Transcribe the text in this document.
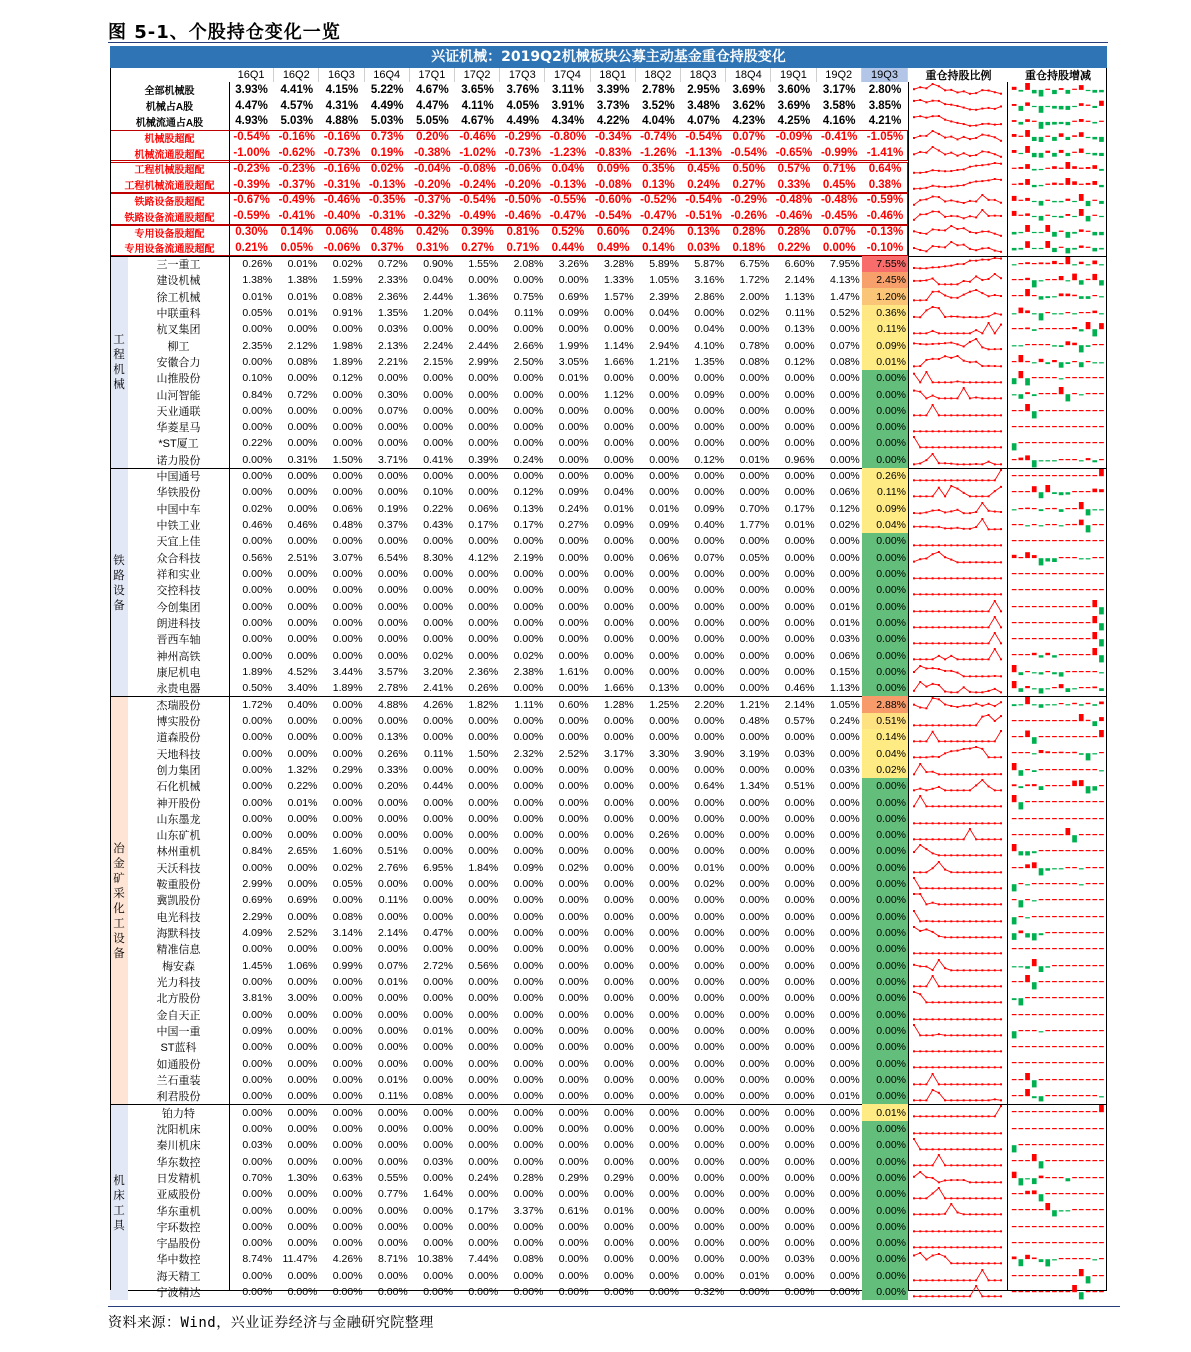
图 5-1、个股持仓变化一览
兴证机械：2019Q2机械板块公募主动基金重仓持股变化
16Q1	16Q2	16Q3	16Q4	17Q1	17Q2	17Q3	17Q4	18Q1	18Q2	18Q3	18Q4	19Q1	19Q2	19Q3	重仓持股比例	重仓持股增减
全部机械股	3.93%	4.41%	4.15%	5.22%	4.67%	3.65%	3.76%	3.11%	3.39%	2.78%	2.95%	3.69%	3.60%	3.17%	2.80%
机械占A股	4.47%	4.57%	4.31%	4.49%	4.47%	4.11%	4.05%	3.91%	3.73%	3.52%	3.48%	3.62%	3.69%	3.58%	3.85%
机械流通占A股	4.93%	5.03%	4.88%	5.03%	5.05%	4.67%	4.49%	4.34%	4.22%	4.04%	4.07%	4.23%	4.25%	4.16%	4.21%
机械股超配	-0.54% -0.16% -0.16% 0.73%	0.20% -0.46% -0.29% -0.80% -0.34% -0.74% -0.54% 0.07% -0.09% -0.41% -1.05%
机械流通股超配	-1.00% -0.62% -0.73% 0.19% -0.38% -1.02% -0.73% -1.23% -0.83% -1.26% -1.13% -0.54% -0.65% -0.99% -1.41%
工程机械股超配	-0.23% -0.23% -0.16% 0.02% -0.04% -0.08% -0.06% 0.04%	0.09%	0.35%	0.45%	0.50%	0.57%	0.71%	0.64%
工程机械流通股超配	-0.39% -0.37% -0.31% -0.13% -0.20% -0.24% -0.20% -0.13% -0.08% 0.13%	0.24%	0.27%	0.33%	0.45%	0.38%
铁路设备股超配	-0.67% -0.49% -0.46% -0.35% -0.37% -0.54% -0.50% -0.55% -0.60% -0.52% -0.54% -0.29% -0.48% -0.48% -0.59%
铁路设备流通股超配	-0.59% -0.41% -0.40% -0.31% -0.32% -0.49% -0.46% -0.47% -0.54% -0.47% -0.51% -0.26% -0.46% -0.45% -0.46%
专用设备股超配	0.30%	0.14%	0.06%	0.48%	0.42%	0.39%	0.81%	0.52%	0.60%	0.24%	0.13%	0.28%	0.28%	0.07% -0.13%
专用设备流通股超配	0.21%	0.05% -0.06% 0.37%	0.31%	0.27%	0.71%	0.44%	0.49%	0.14%	0.03%	0.18%	0.22%	0.00% -0.10%
工程机械
三一重工	0.26%	0.01%	0.02%	0.72%	0.90%	1.55%	2.08%	3.26%	3.28%	5.89%	5.87%	6.75%	6.60%	7.95%	7.55%
建设机械	1.38%	1.38%	1.59%	2.33%	0.04%	0.00%	0.00%	0.00%	1.33%	1.05%	3.16%	1.72%	2.14%	4.13%	2.45%
徐工机械	0.01%	0.01%	0.08%	2.36%	2.44%	1.36%	0.75%	0.69%	1.57%	2.39%	2.86%	2.00%	1.13%	1.47%	1.20%
中联重科	0.05%	0.01%	0.91%	1.35%	1.20%	0.04%	0.11%	0.09%	0.00%	0.04%	0.00%	0.02%	0.11%	0.52%	0.36%
杭叉集团	0.00%	0.00%	0.00%	0.03%	0.00%	0.00%	0.00%	0.00%	0.00%	0.00%	0.04%	0.00%	0.13%	0.00%	0.11%
柳工	2.35%	2.12%	1.98%	2.13%	2.24%	2.44%	2.66%	1.99%	1.14%	2.94%	4.10%	0.78%	0.00%	0.07%	0.09%
安徽合力	0.00%	0.08%	1.89%	2.21%	2.15%	2.99%	2.50%	3.05%	1.66%	1.21%	1.35%	0.08%	0.12%	0.08%	0.01%
山推股份	0.10%	0.00%	0.12%	0.00%	0.00%	0.00%	0.00%	0.01%	0.00%	0.00%	0.00%	0.00%	0.00%	0.00%	0.00%
山河智能	0.84%	0.72%	0.00%	0.30%	0.00%	0.00%	0.00%	0.00%	1.12%	0.00%	0.09%	0.00%	0.00%	0.00%	0.00%
天业通联	0.00%	0.00%	0.00%	0.07%	0.00%	0.00%	0.00%	0.00%	0.00%	0.00%	0.00%	0.00%	0.00%	0.00%	0.00%
华菱星马	0.00%	0.00%	0.00%	0.00%	0.00%	0.00%	0.00%	0.00%	0.00%	0.00%	0.00%	0.00%	0.00%	0.00%	0.00%
*ST厦工	0.22%	0.00%	0.00%	0.00%	0.00%	0.00%	0.00%	0.00%	0.00%	0.00%	0.00%	0.00%	0.00%	0.00%	0.00%
诺力股份	0.00%	0.31%	1.50%	3.71%	0.41%	0.39%	0.24%	0.00%	0.00%	0.00%	0.12%	0.01%	0.96%	0.00%	0.00%
铁路设备
中国通号	0.00%	0.00%	0.00%	0.00%	0.00%	0.00%	0.00%	0.00%	0.00%	0.00%	0.00%	0.00%	0.00%	0.00%	0.26%
华铁股份	0.00%	0.00%	0.00%	0.00%	0.10%	0.00%	0.12%	0.09%	0.04%	0.00%	0.00%	0.00%	0.00%	0.06%	0.11%
中国中车	0.02%	0.00%	0.06%	0.19%	0.22%	0.06%	0.13%	0.24%	0.01%	0.01%	0.09%	0.70%	0.17%	0.12%	0.09%
中铁工业	0.46%	0.46%	0.48%	0.37%	0.43%	0.17%	0.17%	0.27%	0.09%	0.09%	0.40%	1.77%	0.01%	0.02%	0.04%
天宜上佳	0.00%	0.00%	0.00%	0.00%	0.00%	0.00%	0.00%	0.00%	0.00%	0.00%	0.00%	0.00%	0.00%	0.00%	0.00%
众合科技	0.56%	2.51%	3.07%	6.54%	8.30%	4.12%	2.19%	0.00%	0.00%	0.06%	0.07%	0.05%	0.00%	0.00%	0.00%
祥和实业	0.00%	0.00%	0.00%	0.00%	0.00%	0.00%	0.00%	0.00%	0.00%	0.00%	0.00%	0.00%	0.00%	0.00%	0.00%
交控科技	0.00%	0.00%	0.00%	0.00%	0.00%	0.00%	0.00%	0.00%	0.00%	0.00%	0.00%	0.00%	0.00%	0.00%	0.00%
今创集团	0.00%	0.00%	0.00%	0.00%	0.00%	0.00%	0.00%	0.00%	0.00%	0.00%	0.00%	0.00%	0.00%	0.01%	0.00%
朗进科技	0.00%	0.00%	0.00%	0.00%	0.00%	0.00%	0.00%	0.00%	0.00%	0.00%	0.00%	0.00%	0.00%	0.01%	0.00%
晋西车轴	0.00%	0.00%	0.00%	0.00%	0.00%	0.00%	0.00%	0.00%	0.00%	0.00%	0.00%	0.00%	0.00%	0.03%	0.00%
神州高铁	0.00%	0.00%	0.00%	0.00%	0.02%	0.00%	0.02%	0.00%	0.00%	0.00%	0.00%	0.00%	0.00%	0.06%	0.00%
康尼机电	1.89%	4.52%	3.44%	3.57%	3.20%	2.36%	2.38%	1.61%	0.00%	0.00%	0.00%	0.00%	0.00%	0.15%	0.00%
永贵电器	0.50%	3.40%	1.89%	2.78%	2.41%	0.26%	0.00%	0.00%	1.66%	0.13%	0.00%	0.00%	0.46%	1.13%	0.00%
冶金矿采化工设备
杰瑞股份	1.72%	0.40%	0.00%	4.88%	4.26%	1.82%	1.11%	0.60%	1.28%	1.25%	2.20%	1.21%	2.14%	1.05%	2.88%
博实股份	0.00%	0.00%	0.00%	0.00%	0.00%	0.00%	0.00%	0.00%	0.00%	0.00%	0.00%	0.48%	0.57%	0.24%	0.51%
道森股份	0.00%	0.00%	0.00%	0.13%	0.00%	0.00%	0.00%	0.00%	0.00%	0.00%	0.00%	0.00%	0.00%	0.00%	0.14%
天地科技	0.00%	0.00%	0.00%	0.26%	0.11%	1.50%	2.32%	2.52%	3.17%	3.30%	3.90%	3.19%	0.03%	0.00%	0.04%
创力集团	0.00%	1.32%	0.29%	0.33%	0.00%	0.00%	0.00%	0.00%	0.00%	0.00%	0.00%	0.00%	0.00%	0.03%	0.02%
石化机械	0.00%	0.22%	0.00%	0.20%	0.44%	0.00%	0.00%	0.00%	0.00%	0.00%	0.64%	1.34%	0.51%	0.00%	0.00%
神开股份	0.00%	0.01%	0.00%	0.00%	0.00%	0.00%	0.00%	0.00%	0.00%	0.00%	0.00%	0.00%	0.00%	0.00%	0.00%
山东墨龙	0.00%	0.00%	0.00%	0.00%	0.00%	0.00%	0.00%	0.00%	0.00%	0.00%	0.00%	0.00%	0.00%	0.00%	0.00%
山东矿机	0.00%	0.00%	0.00%	0.00%	0.00%	0.00%	0.00%	0.00%	0.00%	0.26%	0.00%	0.00%	0.00%	0.00%	0.00%
林州重机	0.84%	2.65%	1.60%	0.51%	0.00%	0.00%	0.00%	0.00%	0.00%	0.00%	0.00%	0.00%	0.00%	0.00%	0.00%
天沃科技	0.00%	0.00%	0.02%	2.76%	6.95%	1.84%	0.09%	0.02%	0.00%	0.00%	0.01%	0.00%	0.00%	0.00%	0.00%
鞍重股份	2.99%	0.00%	0.05%	0.00%	0.00%	0.00%	0.00%	0.00%	0.00%	0.00%	0.02%	0.00%	0.00%	0.00%	0.00%
冀凯股份	0.69%	0.69%	0.00%	0.11%	0.00%	0.00%	0.00%	0.00%	0.00%	0.00%	0.00%	0.00%	0.00%	0.00%	0.00%
电光科技	2.29%	0.00%	0.08%	0.00%	0.00%	0.00%	0.00%	0.00%	0.00%	0.00%	0.00%	0.00%	0.00%	0.00%	0.00%
海默科技	4.09%	2.52%	3.14%	2.14%	0.47%	0.00%	0.00%	0.00%	0.00%	0.00%	0.00%	0.00%	0.00%	0.00%	0.00%
精准信息	0.00%	0.00%	0.00%	0.00%	0.00%	0.00%	0.00%	0.00%	0.00%	0.00%	0.00%	0.00%	0.00%	0.00%	0.00%
梅安森	1.45%	1.06%	0.99%	0.07%	2.72%	0.56%	0.00%	0.00%	0.00%	0.00%	0.00%	0.00%	0.00%	0.00%	0.00%
光力科技	0.00%	0.00%	0.00%	0.01%	0.00%	0.00%	0.00%	0.00%	0.00%	0.00%	0.00%	0.00%	0.00%	0.00%	0.00%
北方股份	3.81%	3.00%	0.00%	0.00%	0.00%	0.00%	0.00%	0.00%	0.00%	0.00%	0.00%	0.00%	0.00%	0.00%	0.00%
金自天正	0.00%	0.00%	0.00%	0.00%	0.00%	0.00%	0.00%	0.00%	0.00%	0.00%	0.00%	0.00%	0.00%	0.00%	0.00%
中国一重	0.09%	0.00%	0.00%	0.00%	0.01%	0.00%	0.00%	0.00%	0.00%	0.00%	0.00%	0.00%	0.00%	0.00%	0.00%
ST蓝科	0.00%	0.00%	0.00%	0.00%	0.00%	0.00%	0.00%	0.00%	0.00%	0.00%	0.00%	0.00%	0.00%	0.00%	0.00%
如通股份	0.00%	0.00%	0.00%	0.00%	0.00%	0.00%	0.00%	0.00%	0.00%	0.00%	0.00%	0.00%	0.00%	0.00%	0.00%
兰石重装	0.00%	0.00%	0.00%	0.01%	0.00%	0.00%	0.00%	0.00%	0.00%	0.00%	0.00%	0.00%	0.00%	0.00%	0.00%
利君股份	0.00%	0.00%	0.00%	0.11%	0.08%	0.00%	0.00%	0.00%	0.00%	0.00%	0.00%	0.00%	0.00%	0.01%	0.00%
机床工具
铂力特	0.00%	0.00%	0.00%	0.00%	0.00%	0.00%	0.00%	0.00%	0.00%	0.00%	0.00%	0.00%	0.00%	0.00%	0.01%
沈阳机床	0.00%	0.00%	0.00%	0.00%	0.00%	0.00%	0.00%	0.00%	0.00%	0.00%	0.00%	0.00%	0.00%	0.00%	0.00%
秦川机床	0.03%	0.00%	0.00%	0.00%	0.00%	0.00%	0.00%	0.00%	0.00%	0.00%	0.00%	0.00%	0.00%	0.00%	0.00%
华东数控	0.00%	0.00%	0.00%	0.00%	0.03%	0.00%	0.00%	0.00%	0.00%	0.00%	0.00%	0.00%	0.00%	0.00%	0.00%
日发精机	0.70%	1.30%	0.63%	0.55%	0.00%	0.24%	0.28%	0.29%	0.29%	0.00%	0.00%	0.00%	0.00%	0.00%	0.00%
亚威股份	0.00%	0.00%	0.00%	0.77%	1.64%	0.00%	0.00%	0.00%	0.00%	0.00%	0.00%	0.00%	0.00%	0.00%	0.00%
华东重机	0.00%	0.00%	0.00%	0.00%	0.00%	0.17%	3.37%	0.61%	0.01%	0.00%	0.00%	0.00%	0.00%	0.00%	0.00%
宇环数控	0.00%	0.00%	0.00%	0.00%	0.00%	0.00%	0.00%	0.00%	0.00%	0.00%	0.00%	0.00%	0.00%	0.00%	0.00%
宇晶股份	0.00%	0.00%	0.00%	0.00%	0.00%	0.00%	0.00%	0.00%	0.00%	0.00%	0.00%	0.00%	0.00%	0.00%	0.00%
华中数控	8.74% 11.47%	4.26%	8.71% 10.38%	7.44%	0.08%	0.00%	0.00%	0.00%	0.00%	0.00%	0.03%	0.00%	0.00%
海天精工	0.00%	0.00%	0.00%	0.00%	0.00%	0.00%	0.00%	0.00%	0.00%	0.00%	0.00%	0.01%	0.00%	0.00%	0.00%
宁波精达	0.00%	0.00%	0.00%	0.00%	0.00%	0.00%	0.00%	0.00%	0.00%	0.00%	0.32%	0.00%	0.00%	0.00%	0.00%
资料来源：Wind，兴业证券经济与金融研究院整理
